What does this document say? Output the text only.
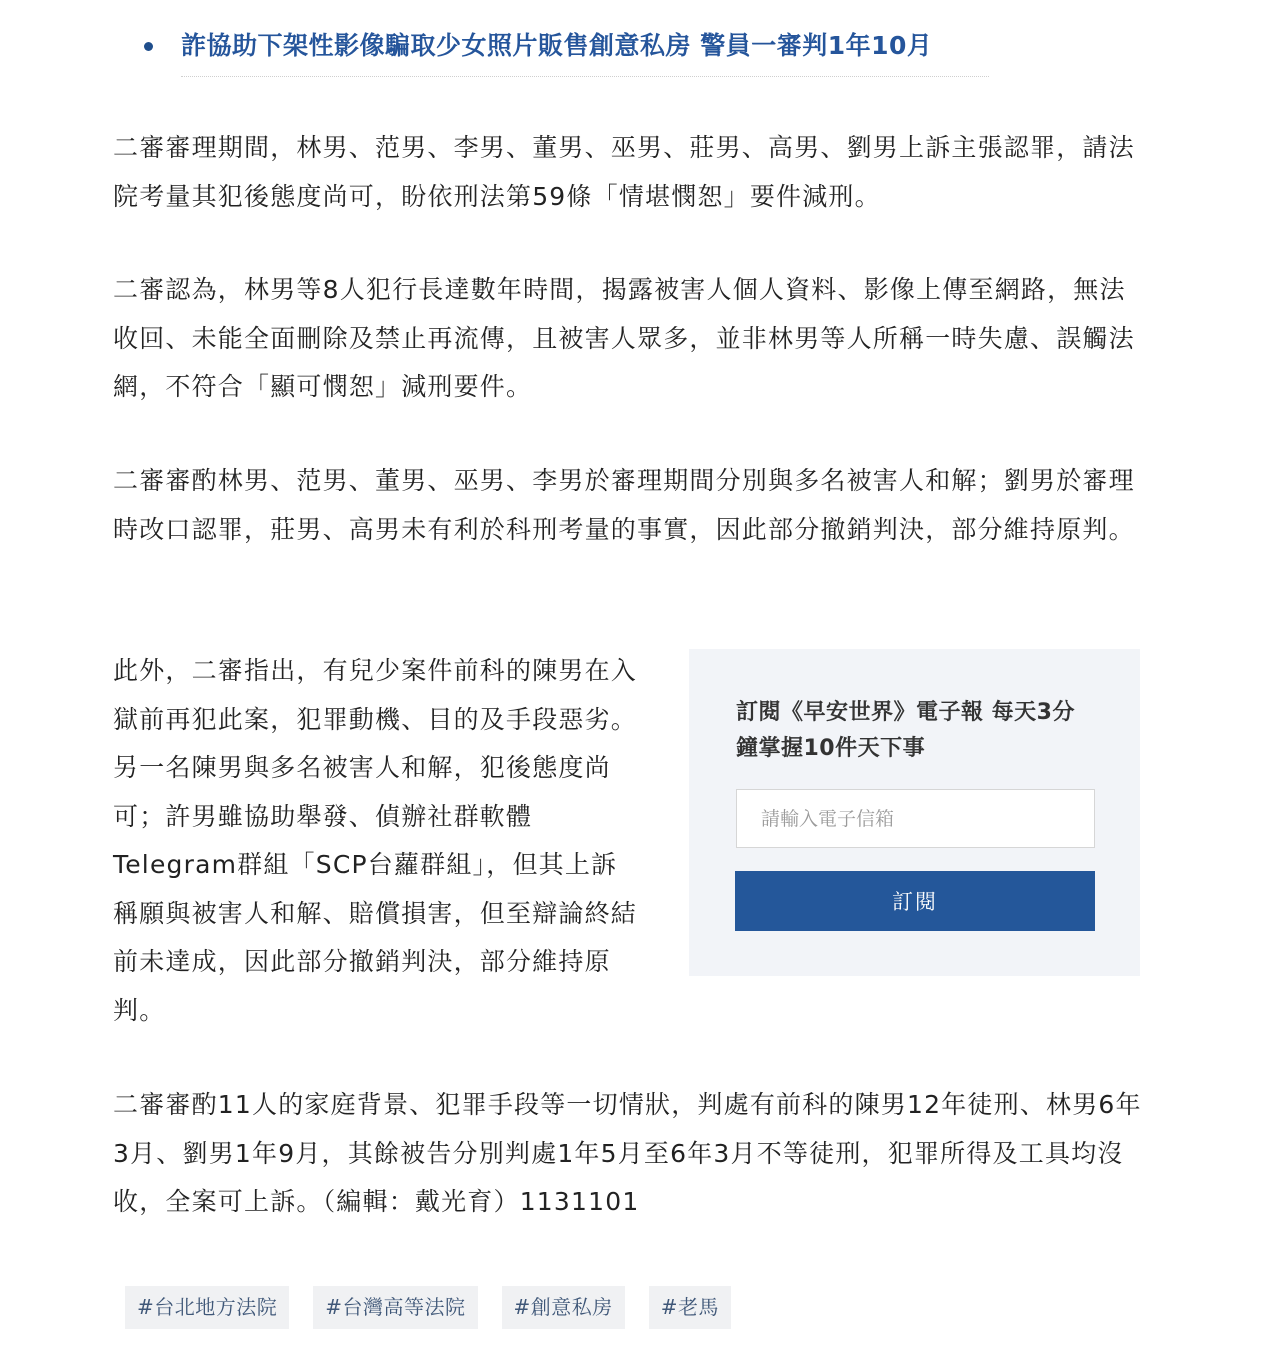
詐協助下架性影像騙取少女照片販售創意私房 警員一審判1年10月

二審審理期間，林男、范男、李男、董男、巫男、莊男、高男、劉男上訴主張認罪，請法院考量其犯後態度尚可，盼依刑法第59條「情堪憫恕」要件減刑。

二審認為，林男等8人犯行長達數年時間，揭露被害人個人資料、影像上傳至網路，無法收回、未能全面刪除及禁止再流傳，且被害人眾多，並非林男等人所稱一時失慮、誤觸法網，不符合「顯可憫恕」減刑要件。

二審審酌林男、范男、董男、巫男、李男於審理期間分別與多名被害人和解；劉男於審理時改口認罪，莊男、高男未有利於科刑考量的事實，因此部分撤銷判決，部分維持原判。

此外，二審指出，有兒少案件前科的陳男在入獄前再犯此案，犯罪動機、目的及手段惡劣。另一名陳男與多名被害人和解，犯後態度尚可；許男雖協助舉發、偵辦社群軟體Telegram群組「SCP台蘿群組」，但其上訴稱願與被害人和解、賠償損害，但至辯論終結前未達成，因此部分撤銷判決，部分維持原判。

訂閱《早安世界》電子報 每天3分鐘掌握10件天下事

請輸入電子信箱
訂閱

二審審酌11人的家庭背景、犯罪手段等一切情狀，判處有前科的陳男12年徒刑、林男6年3月、劉男1年9月，其餘被告分別判處1年5月至6年3月不等徒刑，犯罪所得及工具均沒收，全案可上訴。（編輯：戴光育）1131101

#台北地方法院	#台灣高等法院	#創意私房	#老馬
